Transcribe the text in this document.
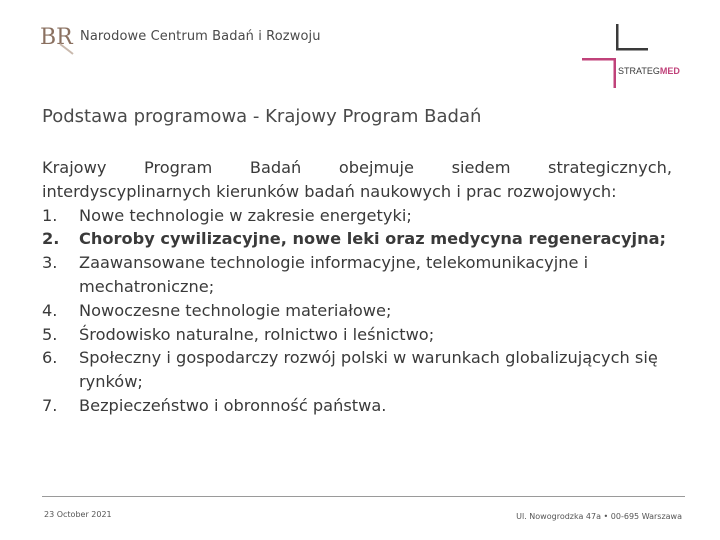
BR Narodowe Centrum Badań i Rozwoju
STRATEGMED
Podstawa programowa - Krajowy Program Badań

Krajowy Program Badań obejmuje siedem strategicznych, interdyscyplinarnych kierunków badań naukowych i prac rozwojowych:

1.	Nowe technologie w zakresie energetyki;
2.	Choroby cywilizacyjne, nowe leki oraz medycyna regeneracyjna;
3.	Zaawansowane technologie informacyjne, telekomunikacyjne i mechatroniczne;
4.	Nowoczesne technologie materiałowe;
5.	Środowisko naturalne, rolnictwo i leśnictwo;
6.	Społeczny i gospodarczy rozwój polski w warunkach globalizujących się rynków;
7.	Bezpieczeństwo i obronność państwa.
23 October 2021	Ul. Nowogrodzka 47a • 00-695 Warszawa
